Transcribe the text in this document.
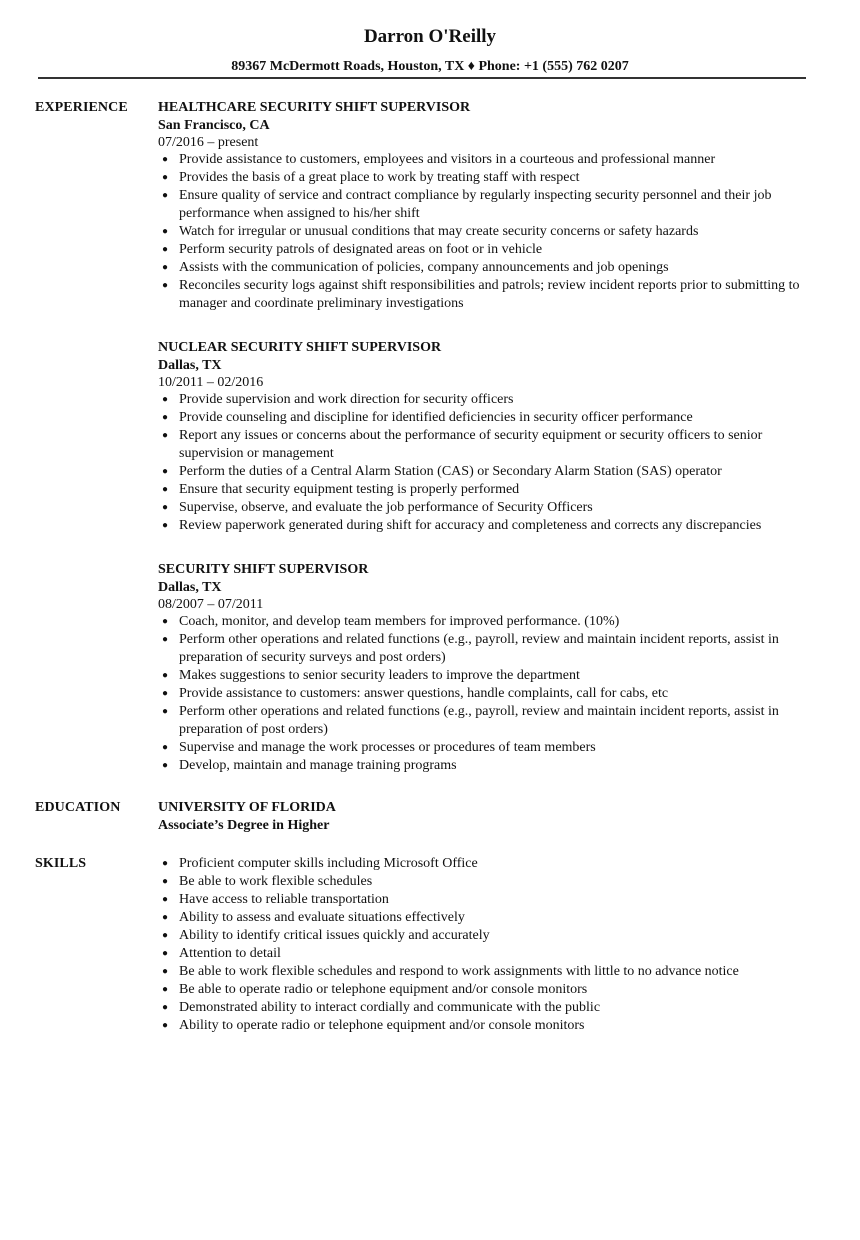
Darron O'Reilly
89367 McDermott Roads, Houston, TX ♦ Phone: +1 (555) 762 0207
EXPERIENCE HEALTHCARE SECURITY SHIFT SUPERVISOR
San Francisco, CA
07/2016 – present
● Provide assistance to customers, employees and visitors in a courteous and professional manner
● Provides the basis of a great place to work by treating staff with respect
● Ensure quality of service and contract compliance by regularly inspecting security personnel and their job performance when assigned to his/her shift
● Watch for irregular or unusual conditions that may create security concerns or safety hazards
● Perform security patrols of designated areas on foot or in vehicle
● Assists with the communication of policies, company announcements and job openings
● Reconciles security logs against shift responsibilities and patrols; review incident reports prior to submitting to manager and coordinate preliminary investigations
NUCLEAR SECURITY SHIFT SUPERVISOR
Dallas, TX
10/2011 – 02/2016
● Provide supervision and work direction for security officers
● Provide counseling and discipline for identified deficiencies in security officer performance
● Report any issues or concerns about the performance of security equipment or security officers to senior supervision or management
● Perform the duties of a Central Alarm Station (CAS) or Secondary Alarm Station (SAS) operator
● Ensure that security equipment testing is properly performed
● Supervise, observe, and evaluate the job performance of Security Officers
● Review paperwork generated during shift for accuracy and completeness and corrects any discrepancies
SECURITY SHIFT SUPERVISOR
Dallas, TX
08/2007 – 07/2011
● Coach, monitor, and develop team members for improved performance. (10%)
● Perform other operations and related functions (e.g., payroll, review and maintain incident reports, assist in preparation of security surveys and post orders)
● Makes suggestions to senior security leaders to improve the department
● Provide assistance to customers: answer questions, handle complaints, call for cabs, etc
● Perform other operations and related functions (e.g., payroll, review and maintain incident reports, assist in preparation of post orders)
● Supervise and manage the work processes or procedures of team members
● Develop, maintain and manage training programs
EDUCATION	UNIVERSITY OF FLORIDA
Associate’s Degree in Higher
SKILLS	● Proficient computer skills including Microsoft Office
● Be able to work flexible schedules
● Have access to reliable transportation
● Ability to assess and evaluate situations effectively
● Ability to identify critical issues quickly and accurately
● Attention to detail
● Be able to work flexible schedules and respond to work assignments with little to no advance notice
● Be able to operate radio or telephone equipment and/or console monitors
● Demonstrated ability to interact cordially and communicate with the public
● Ability to operate radio or telephone equipment and/or console monitors
